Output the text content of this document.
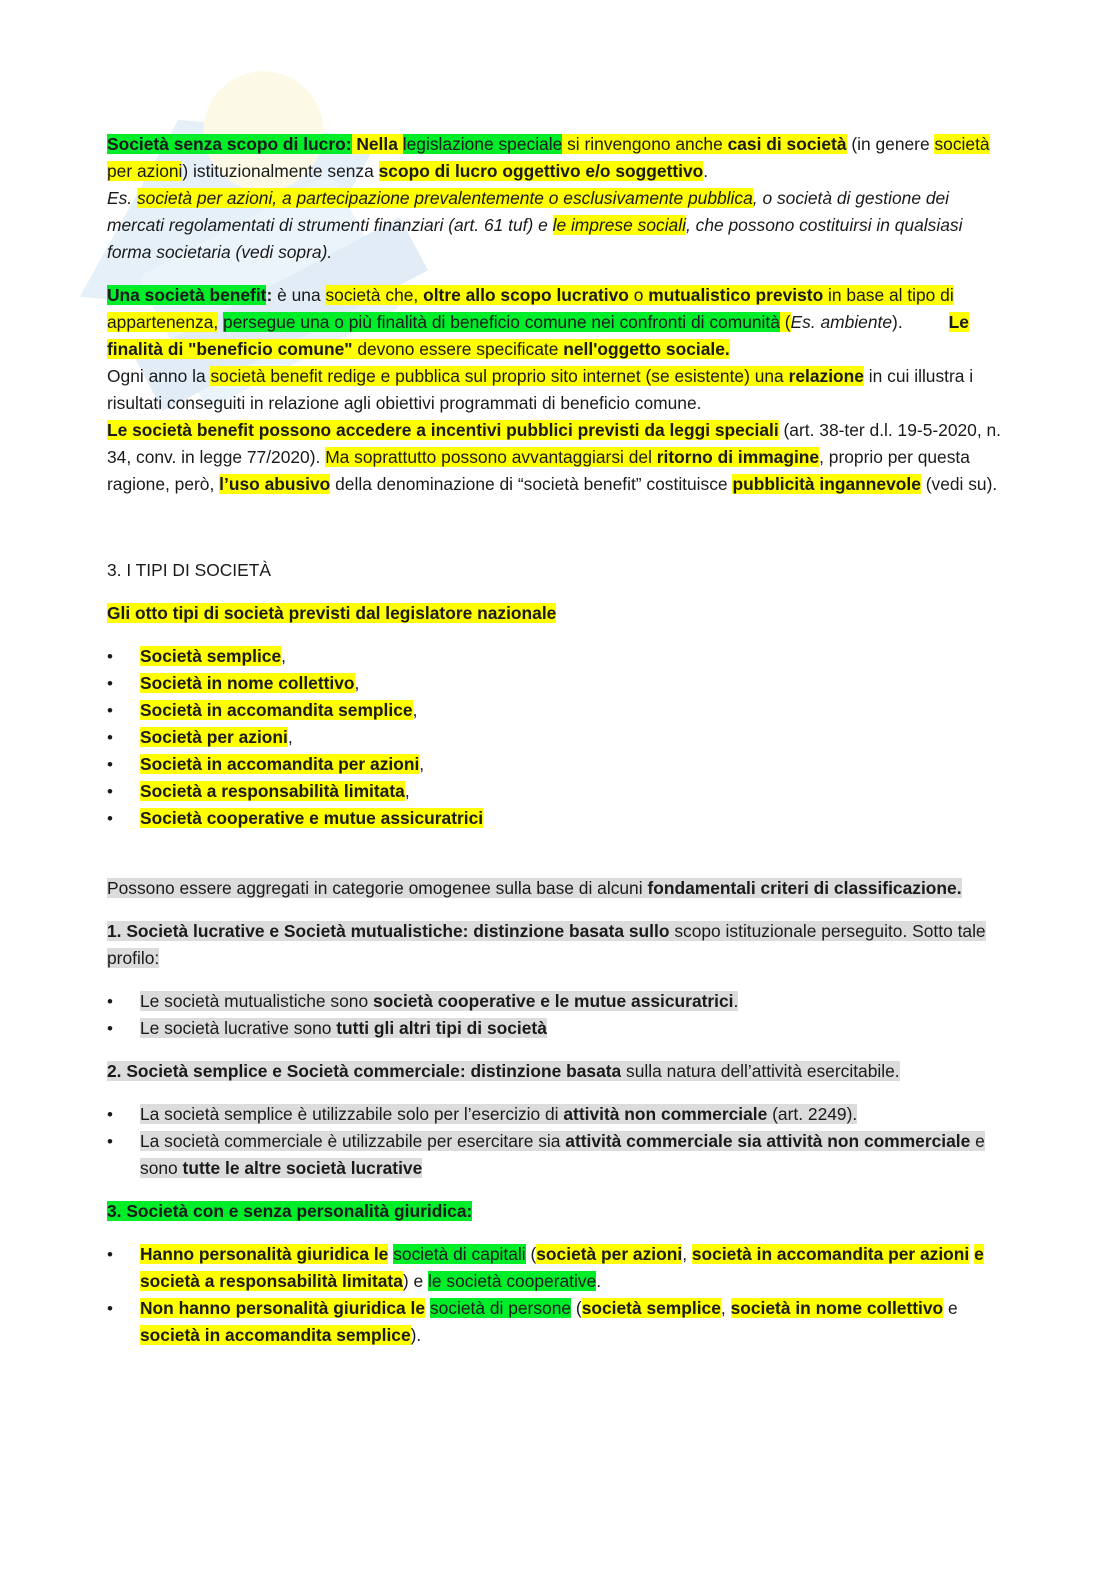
Società senza scopo di lucro: Nella legislazione speciale si rinvengono anche casi di società (in genere società per azioni) istituzionalmente senza scopo di lucro oggettivo e/o soggettivo.
Es. società per azioni, a partecipazione prevalentemente o esclusivamente pubblica, o società di gestione dei mercati regolamentati di strumenti finanziari (art. 61 tuf) e le imprese sociali, che possono costituirsi in qualsiasi forma societaria (vedi sopra).

Una società benefit: è una società che, oltre allo scopo lucrativo o mutualistico previsto in base al tipo di appartenenza, persegue una o più finalità di beneficio comune nei confronti di comunità (Es. ambiente).	Le finalità di "beneficio comune" devono essere specificate nell'oggetto sociale.
Ogni anno la società benefit redige e pubblica sul proprio sito internet (se esistente) una relazione in cui illustra i risultati conseguiti in relazione agli obiettivi programmati di beneficio comune.
Le società benefit possono accedere a incentivi pubblici previsti da leggi speciali (art. 38-ter d.l. 19-5-2020, n. 34, conv. in legge 77/2020). Ma soprattutto possono avvantaggiarsi del ritorno di immagine, proprio per questa ragione, però, l’uso abusivo della denominazione di “società benefit” costituisce pubblicità ingannevole (vedi su).

3. I TIPI DI SOCIETÀ

Gli otto tipi di società previsti dal legislatore nazionale

• Società semplice,
• Società in nome collettivo,
• Società in accomandita semplice,
• Società per azioni,
• Società in accomandita per azioni,
• Società a responsabilità limitata,
• Società cooperative e mutue assicuratrici

Possono essere aggregati in categorie omogenee sulla base di alcuni fondamentali criteri di classificazione.

1. Società lucrative e Società mutualistiche: distinzione basata sullo scopo istituzionale perseguito. Sotto tale profilo:

• Le società mutualistiche sono società cooperative e le mutue assicuratrici.
• Le società lucrative sono tutti gli altri tipi di società

2. Società semplice e Società commerciale: distinzione basata sulla natura dell’attività esercitabile.

• La società semplice è utilizzabile solo per l’esercizio di attività non commerciale (art. 2249).
• La società commerciale è utilizzabile per esercitare sia attività commerciale sia attività non commerciale e sono tutte le altre società lucrative

3. Società con e senza personalità giuridica:

• Hanno personalità giuridica le società di capitali (società per azioni, società in accomandita per azioni e società a responsabilità limitata) e le società cooperative.
• Non hanno personalità giuridica le società di persone (società semplice, società in nome collettivo e società in accomandita semplice).
